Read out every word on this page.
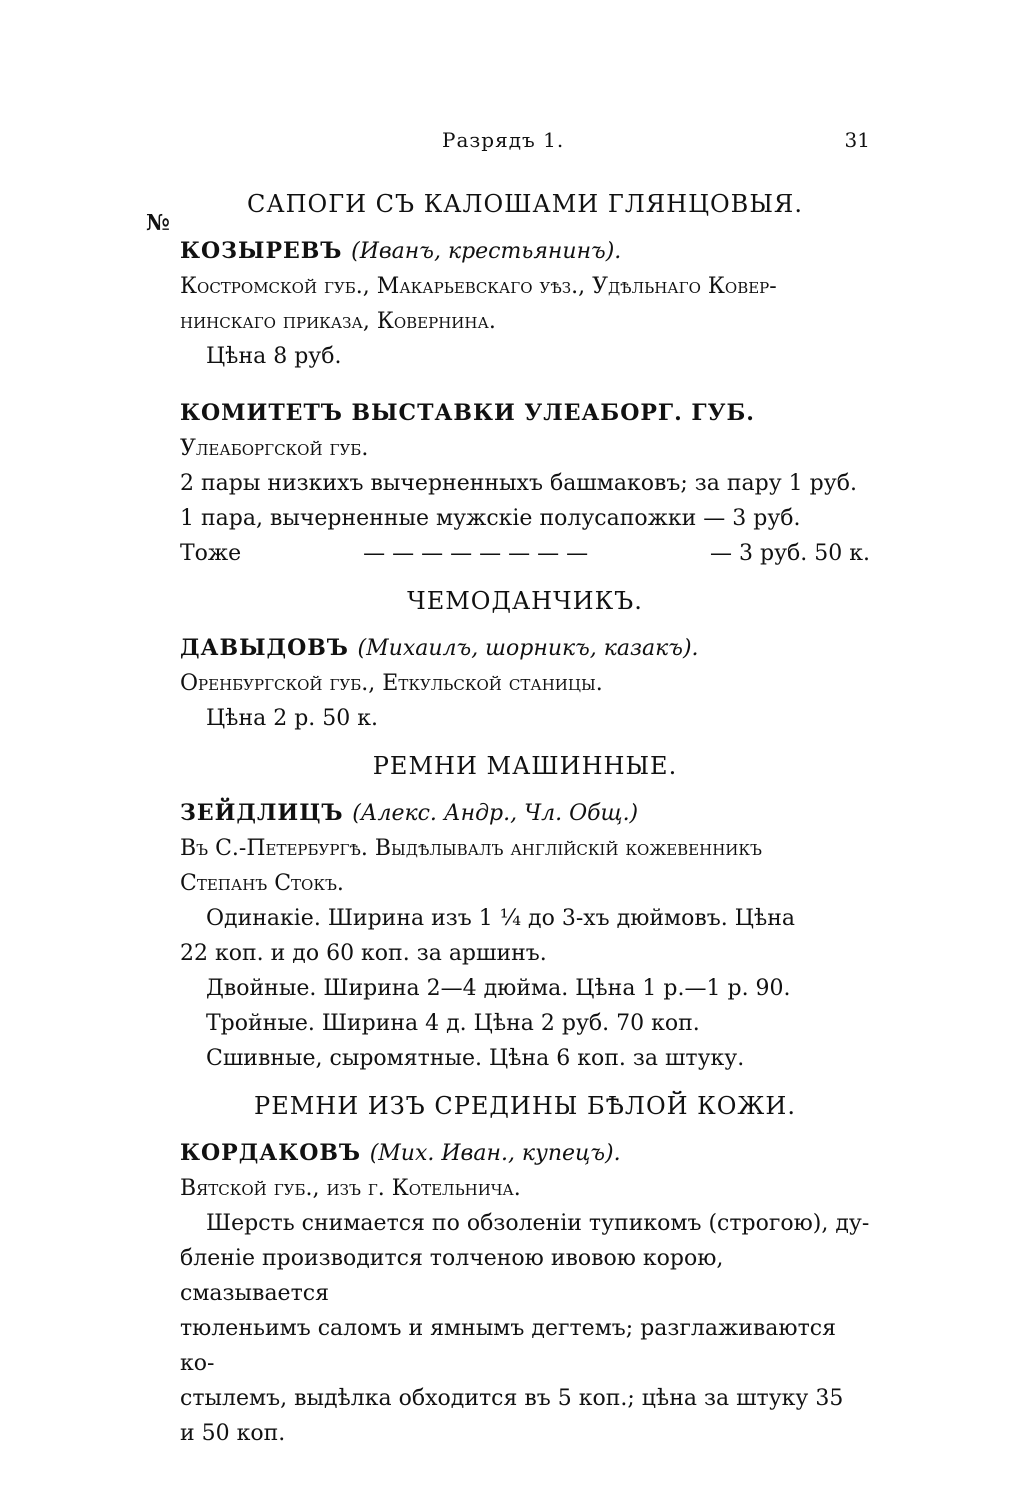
Разрядъ 1.	31
№
САПОГИ СЪ КАЛОШАМИ ГЛЯНЦОВЫЯ.
КОЗЫРЕВЪ (Иванъ, крестьянинъ).
Костромской губ., Макарьевскаго уѣз., Удѣльнаго Ковер-
нинскаго приказа, Ковернина.
Цѣна 8 руб.
КОМИТЕТЪ ВЫСТАВКИ УЛЕАБОРГ. ГУБ.
Улеаборгской губ.
2 пары низкихъ вычерненныхъ башмаковъ; за пару 1 руб.
1 пара, вычерненные мужскіе полусапожки — 3 руб.
Тоже	— — — — — — — —	— 3 руб. 50 к.
ЧЕМОДАНЧИКЪ.
ДАВЫДОВЪ (Михаилъ, шорникъ, казакъ).
Оренбургской губ., Еткульской станицы.
Цѣна 2 р. 50 к.
РЕМНИ МАШИННЫЕ.
ЗЕЙДЛИЦЪ (Алекс. Андр., Чл. Общ.)
Въ С.-Петербургѣ. Выдѣлывалъ англійскій кожевенникъ
Степанъ Стокъ.
Одинакіе. Ширина изъ 1 ¼ до 3-хъ дюймовъ. Цѣна
22 коп. и до 60 коп. за аршинъ.
Двойные. Ширина 2—4 дюйма. Цѣна 1 р.—1 р. 90.
Тройные. Ширина 4 д. Цѣна 2 руб. 70 коп.
Сшивные, сыромятные. Цѣна 6 коп. за штуку.
РЕМНИ ИЗЪ СРЕДИНЫ БѢЛОЙ КОЖИ.
КОРДАКОВЪ (Мих. Иван., купецъ).
Вятской губ., изъ г. Котельнича.
Шерсть снимается по обзоленіи тупикомъ (строгою), ду-
бленіе производится толченою ивовою корою, смазывается
тюленьимъ саломъ и ямнымъ дегтемъ; разглаживаются ко-
стылемъ, выдѣлка обходится въ 5 коп.; цѣна за штуку 35
и 50 коп.
